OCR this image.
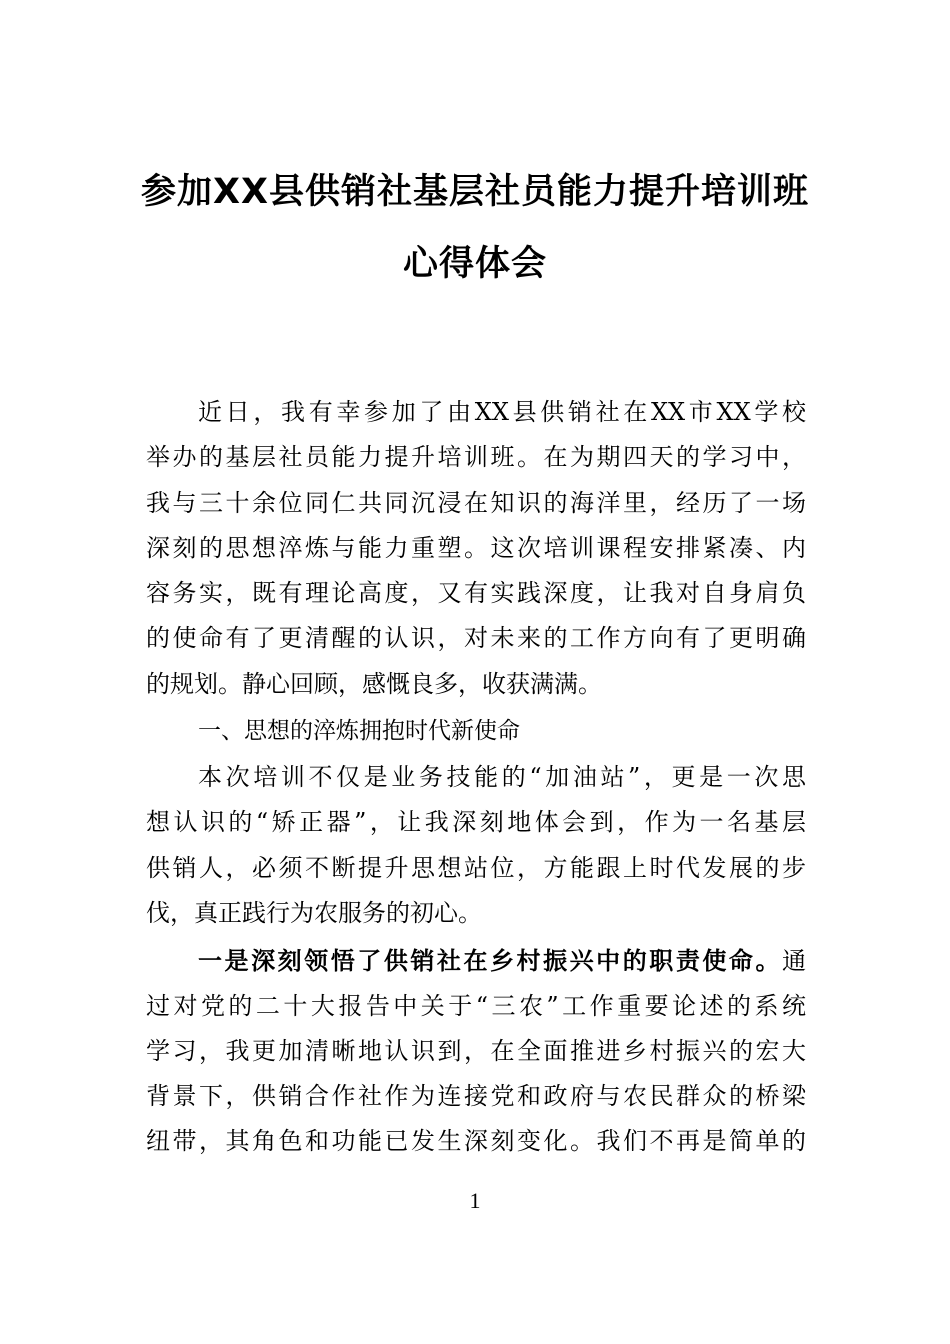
参加XX县供销社基层社员能力提升培训班
心得体会
近日，我有幸参加了由XX县供销社在XX市XX学校
举办的基层社员能力提升培训班。在为期四天的学习中，
我与三十余位同仁共同沉浸在知识的海洋里，经历了一场
深刻的思想淬炼与能力重塑。这次培训课程安排紧凑、内
容务实，既有理论高度，又有实践深度，让我对自身肩负
的使命有了更清醒的认识，对未来的工作方向有了更明确
的规划。静心回顾，感慨良多，收获满满。
一、思想的淬炼拥抱时代新使命
本次培训不仅是业务技能的“加油站”，更是一次思
想认识的“矫正器”，让我深刻地体会到，作为一名基层
供销人，必须不断提升思想站位，方能跟上时代发展的步
伐，真正践行为农服务的初心。
一是深刻领悟了供销社在乡村振兴中的职责使命。通
过对党的二十大报告中关于“三农”工作重要论述的系统
学习，我更加清晰地认识到，在全面推进乡村振兴的宏大
背景下，供销合作社作为连接党和政府与农民群众的桥梁
纽带，其角色和功能已发生深刻变化。我们不再是简单的
1
